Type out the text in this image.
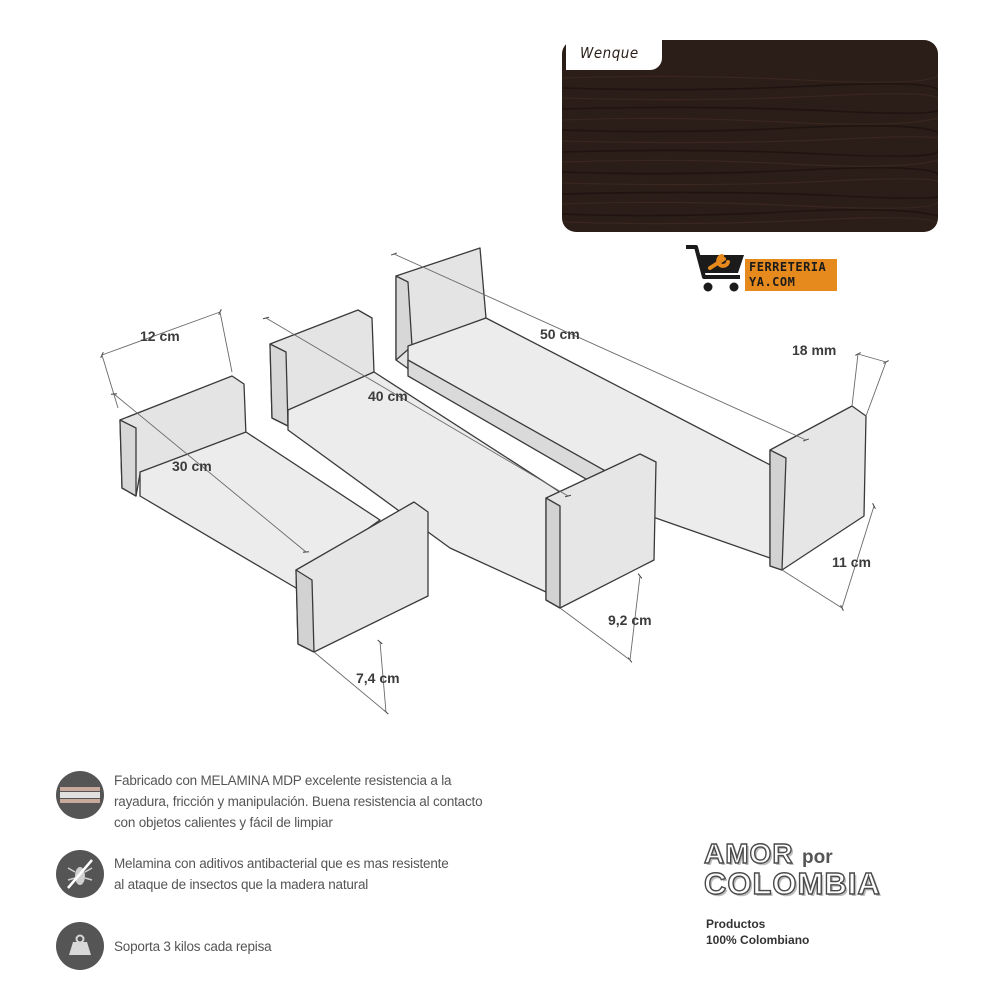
Wenque
FERRETERIA
YA.COM
12 cm
30 cm
7,4 cm
40 cm
9,2 cm
50 cm
18 mm
11 cm
Fabricado con MELAMINA MDP excelente resistencia a la
rayadura, fricción y manipulación. Buena resistencia al contacto
con objetos calientes y fácil de limpiar
Melamina con aditivos antibacterial que es mas resistente
al ataque de insectos que la madera natural
Soporta 3 kilos cada repisa
AMOR por
COLOMBIA
Productos
100% Colombiano
